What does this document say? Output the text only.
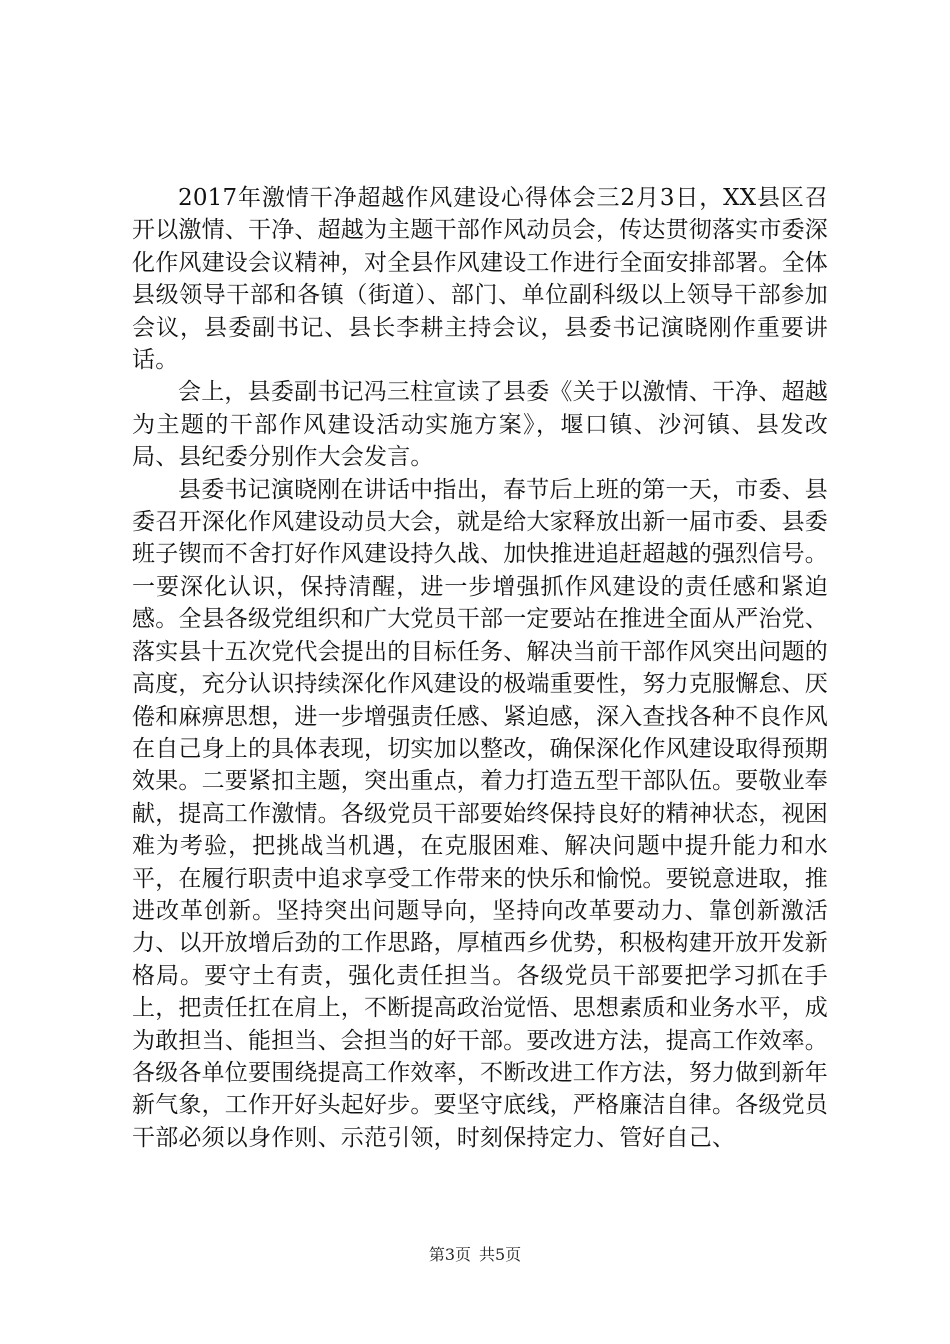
2017年激情干净超越作风建设心得体会三2月3日，XX县区召开以激情、干净、超越为主题干部作风动员会，传达贯彻落实市委深化作风建设会议精神，对全县作风建设工作进行全面安排部署。全体县级领导干部和各镇（街道）、部门、单位副科级以上领导干部参加会议，县委副书记、县长李耕主持会议，县委书记演晓刚作重要讲话。

会上，县委副书记冯三柱宣读了县委《关于以激情、干净、超越为主题的干部作风建设活动实施方案》，堰口镇、沙河镇、县发改局、县纪委分别作大会发言。

县委书记演晓刚在讲话中指出，春节后上班的第一天，市委、县委召开深化作风建设动员大会，就是给大家释放出新一届市委、县委班子锲而不舍打好作风建设持久战、加快推进追赶超越的强烈信号。一要深化认识，保持清醒，进一步增强抓作风建设的责任感和紧迫感。全县各级党组织和广大党员干部一定要站在推进全面从严治党、落实县十五次党代会提出的目标任务、解决当前干部作风突出问题的高度，充分认识持续深化作风建设的极端重要性，努力克服懈怠、厌倦和麻痹思想，进一步增强责任感、紧迫感，深入查找各种不良作风在自己身上的具体表现，切实加以整改，确保深化作风建设取得预期效果。二要紧扣主题，突出重点，着力打造五型干部队伍。要敬业奉献，提高工作激情。各级党员干部要始终保持良好的精神状态，视困难为考验，把挑战当机遇，在克服困难、解决问题中提升能力和水平，在履行职责中追求享受工作带来的快乐和愉悦。要锐意进取，推进改革创新。坚持突出问题导向，坚持向改革要动力、靠创新激活力、以开放增后劲的工作思路，厚植西乡优势，积极构建开放开发新格局。要守土有责，强化责任担当。各级党员干部要把学习抓在手上，把责任扛在肩上，不断提高政治觉悟、思想素质和业务水平，成为敢担当、能担当、会担当的好干部。要改进方法，提高工作效率。各级各单位要围绕提高工作效率，不断改进工作方法，努力做到新年新气象，工作开好头起好步。要坚守底线，严格廉洁自律。各级党员干部必须以身作则、示范引领，时刻保持定力、管好自己、

第3页 共5页
